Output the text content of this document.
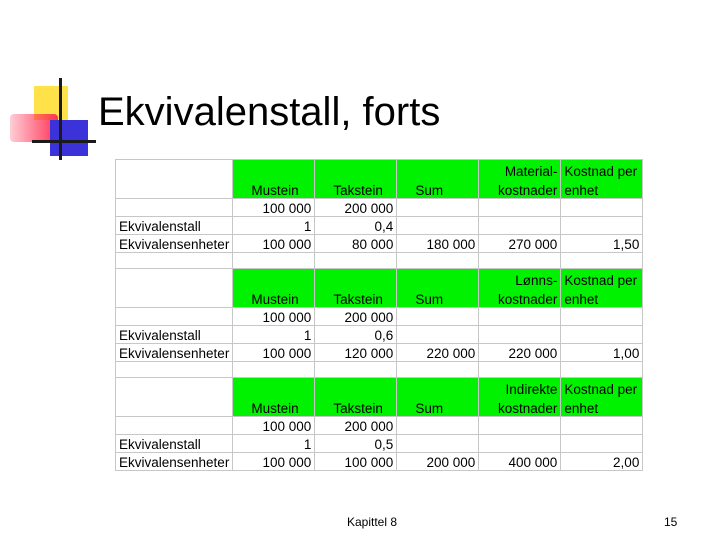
Ekvivalenstall, forts
				Material-	Kostnad per
	Mustein	Takstein	Sum	kostnader	enhet
	100 000	200 000			
Ekvivalenstall	1	0,4			
Ekvivalensenheter	100 000	80 000	180 000	270 000	1,50

				Lønns-	Kostnad per
	Mustein	Takstein	Sum	kostnader	enhet
	100 000	200 000			
Ekvivalenstall	1	0,6			
Ekvivalensenheter	100 000	120 000	220 000	220 000	1,00

				Indirekte	Kostnad per
	Mustein	Takstein	Sum	kostnader	enhet
	100 000	200 000			
Ekvivalenstall	1	0,5			
Ekvivalensenheter	100 000	100 000	200 000	400 000	2,00
Kapittel 8	15
